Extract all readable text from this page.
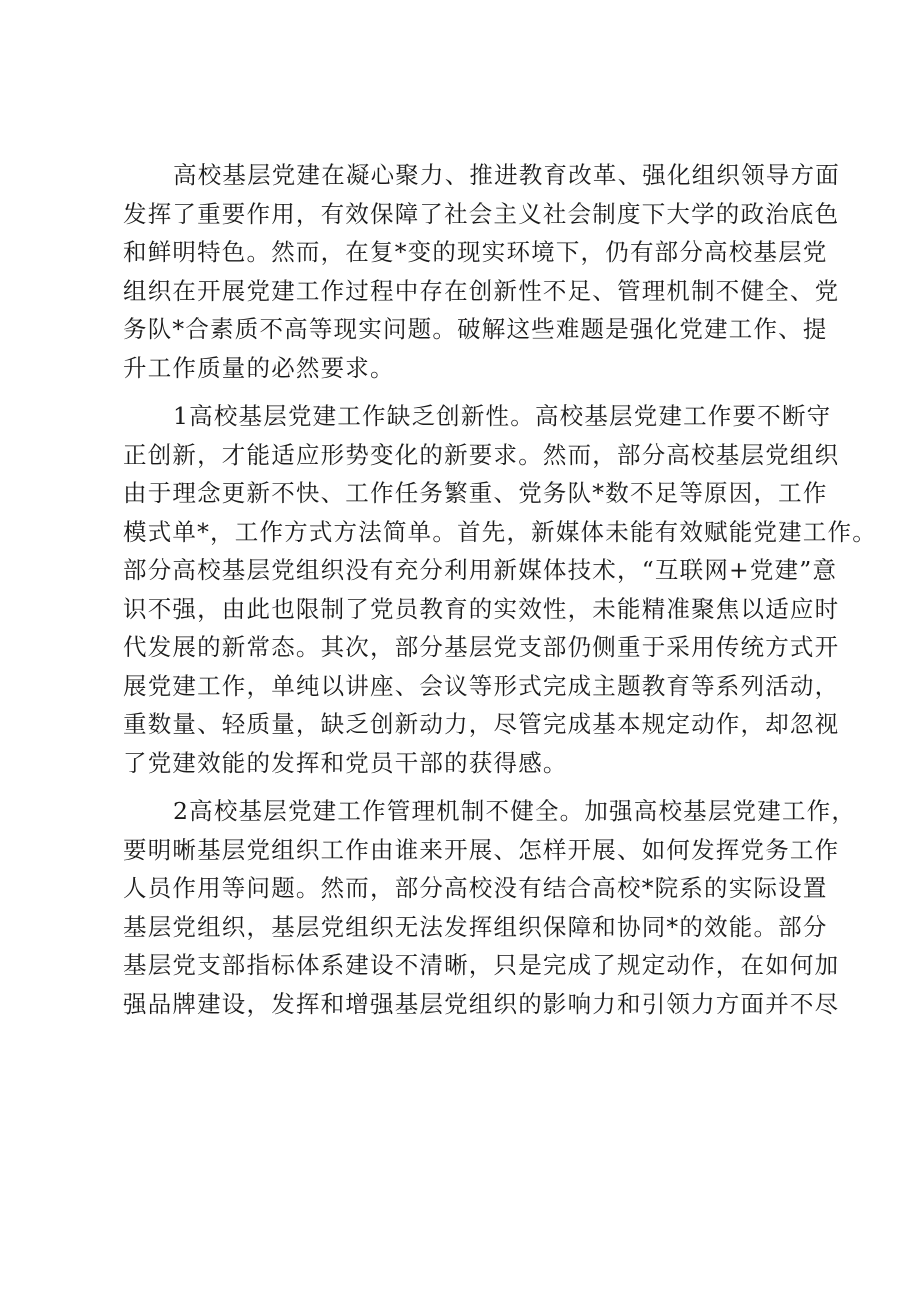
高校基层党建在凝心聚力、推进教育改革、强化组织领导方面
发挥了重要作用，有效保障了社会主义社会制度下大学的政治底色
和鲜明特色。然而，在复*变的现实环境下，仍有部分高校基层党
组织在开展党建工作过程中存在创新性不足、管理机制不健全、党
务队*合素质不高等现实问题。破解这些难题是强化党建工作、提
升工作质量的必然要求。
1高校基层党建工作缺乏创新性。高校基层党建工作要不断守
正创新，才能适应形势变化的新要求。然而，部分高校基层党组织
由于理念更新不快、工作任务繁重、党务队*数不足等原因，工作
模式单*，工作方式方法简单。首先，新媒体未能有效赋能党建工作。
部分高校基层党组织没有充分利用新媒体技术，“互联网+党建”意
识不强，由此也限制了党员教育的实效性，未能精准聚焦以适应时
代发展的新常态。其次，部分基层党支部仍侧重于采用传统方式开
展党建工作，单纯以讲座、会议等形式完成主题教育等系列活动，
重数量、轻质量，缺乏创新动力，尽管完成基本规定动作，却忽视
了党建效能的发挥和党员干部的获得感。
2高校基层党建工作管理机制不健全。加强高校基层党建工作，
要明晰基层党组织工作由谁来开展、怎样开展、如何发挥党务工作
人员作用等问题。然而，部分高校没有结合高校*院系的实际设置
基层党组织，基层党组织无法发挥组织保障和协同*的效能。部分
基层党支部指标体系建设不清晰，只是完成了规定动作，在如何加
强品牌建设，发挥和增强基层党组织的影响力和引领力方面并不尽
